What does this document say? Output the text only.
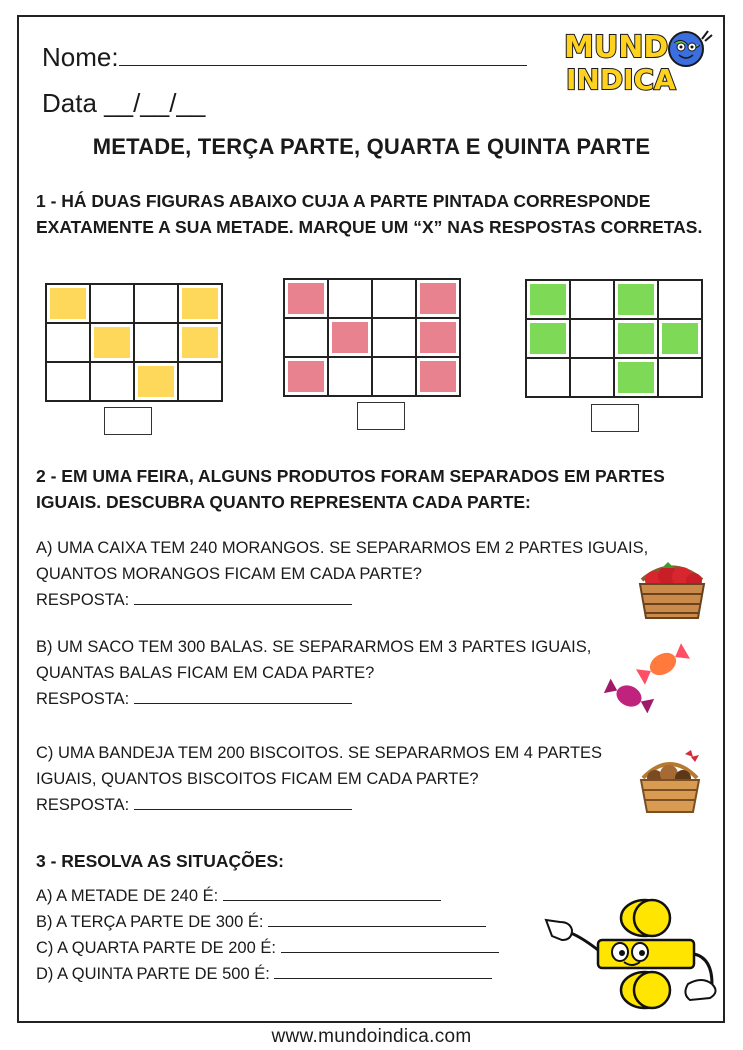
Nome:
Data __/__/__
MUND
INDICA
METADE, TERÇA PARTE, QUARTA E QUINTA PARTE
1 - HÁ DUAS FIGURAS ABAIXO CUJA A PARTE PINTADA CORRESPONDE EXATAMENTE A SUA METADE. MARQUE UM “X” NAS RESPOSTAS CORRETAS.
2 - EM UMA FEIRA, ALGUNS PRODUTOS FORAM SEPARADOS EM PARTES IGUAIS. DESCUBRA QUANTO REPRESENTA CADA PARTE:
A) UMA CAIXA TEM 240 MORANGOS. SE SEPARARMOS EM 2 PARTES IGUAIS,
QUANTOS MORANGOS FICAM EM CADA PARTE?
RESPOSTA:
B) UM SACO TEM 300 BALAS. SE SEPARARMOS EM 3 PARTES IGUAIS,
QUANTAS BALAS FICAM EM CADA PARTE?
RESPOSTA:
C) UMA BANDEJA TEM 200 BISCOITOS. SE SEPARARMOS EM 4 PARTES
IGUAIS, QUANTOS BISCOITOS FICAM EM CADA PARTE?
RESPOSTA:
3 - RESOLVA AS SITUAÇÕES:
A) A METADE DE 240 É:
B) A TERÇA PARTE DE 300 É:
C) A QUARTA PARTE DE 200 É:
D) A QUINTA PARTE DE 500 É:
www.mundoindica.com
